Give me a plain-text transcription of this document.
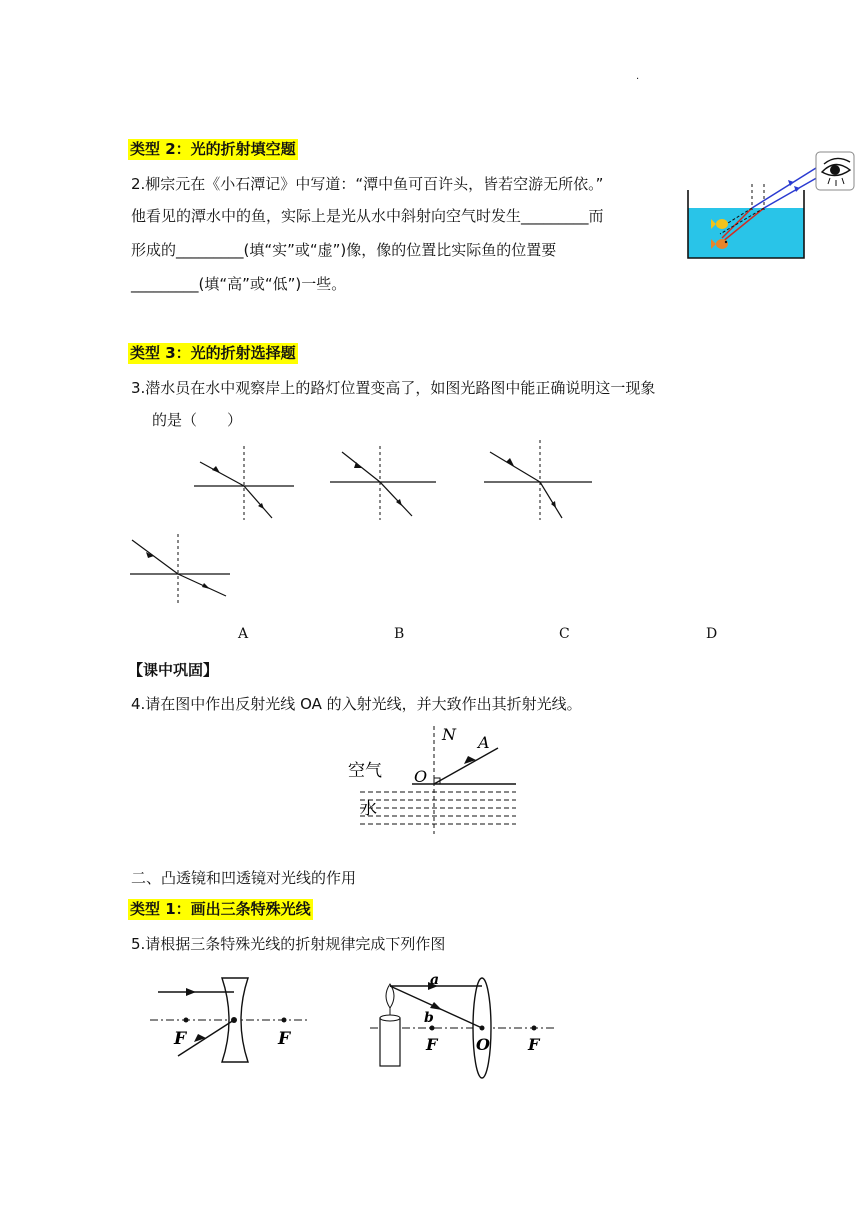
.
类型 2：光的折射填空题
2.柳宗元在《小石潭记》中写道：“潭中鱼可百许头，皆若空游无所依。”
他看见的潭水中的鱼，实际上是光从水中斜射向空气时发生_________而
形成的_________(填“实”或“虚”)像，像的位置比实际鱼的位置要
_________(填“高”或“低”)一些。
类型 3：光的折射选择题
3.潜水员在水中观察岸上的路灯位置变高了，如图光路图中能正确说明这一现象
的是（　　）
A	B	C	D
【课中巩固】
4.请在图中作出反射光线 OA 的入射光线，并大致作出其折射光线。
N A
O
空气
水
二、凸透镜和凹透镜对光线的作用
类型 1：画出三条特殊光线
5.请根据三条特殊光线的折射规律完成下列作图
F	F
a
b
F O F
